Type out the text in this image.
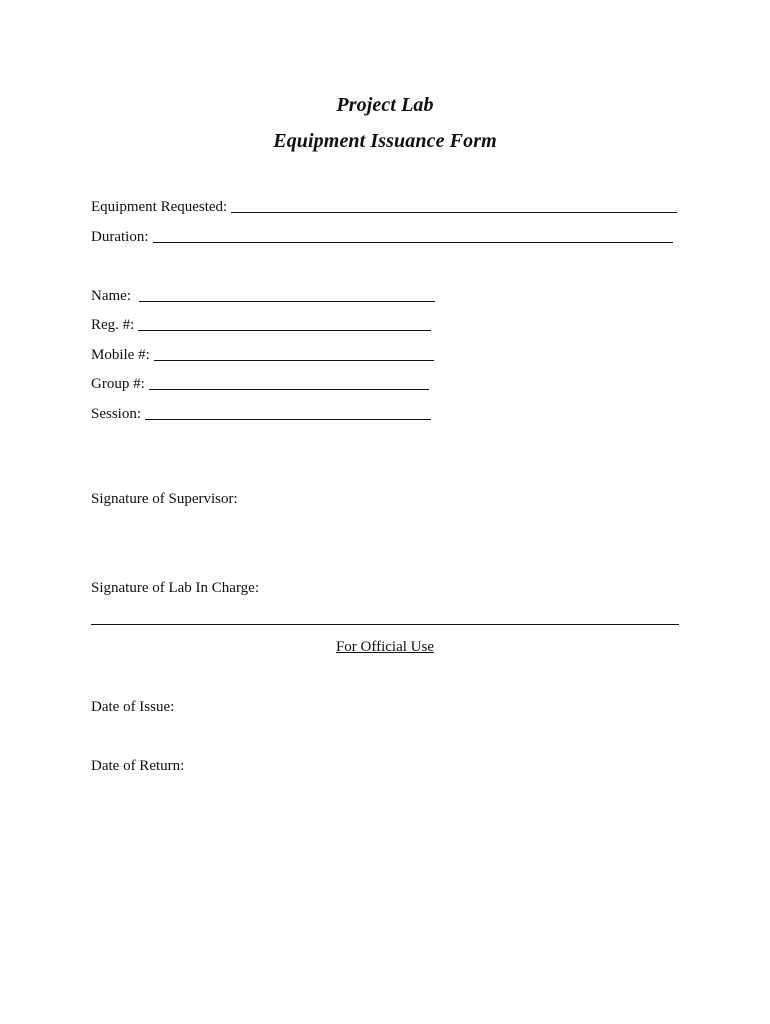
Project Lab
Equipment Issuance Form
Equipment Requested:
Duration:
Name:
Reg. #:
Mobile #:
Group #:
Session:
Signature of Supervisor:
Signature of Lab In Charge:
For Official Use
Date of Issue:
Date of Return:
